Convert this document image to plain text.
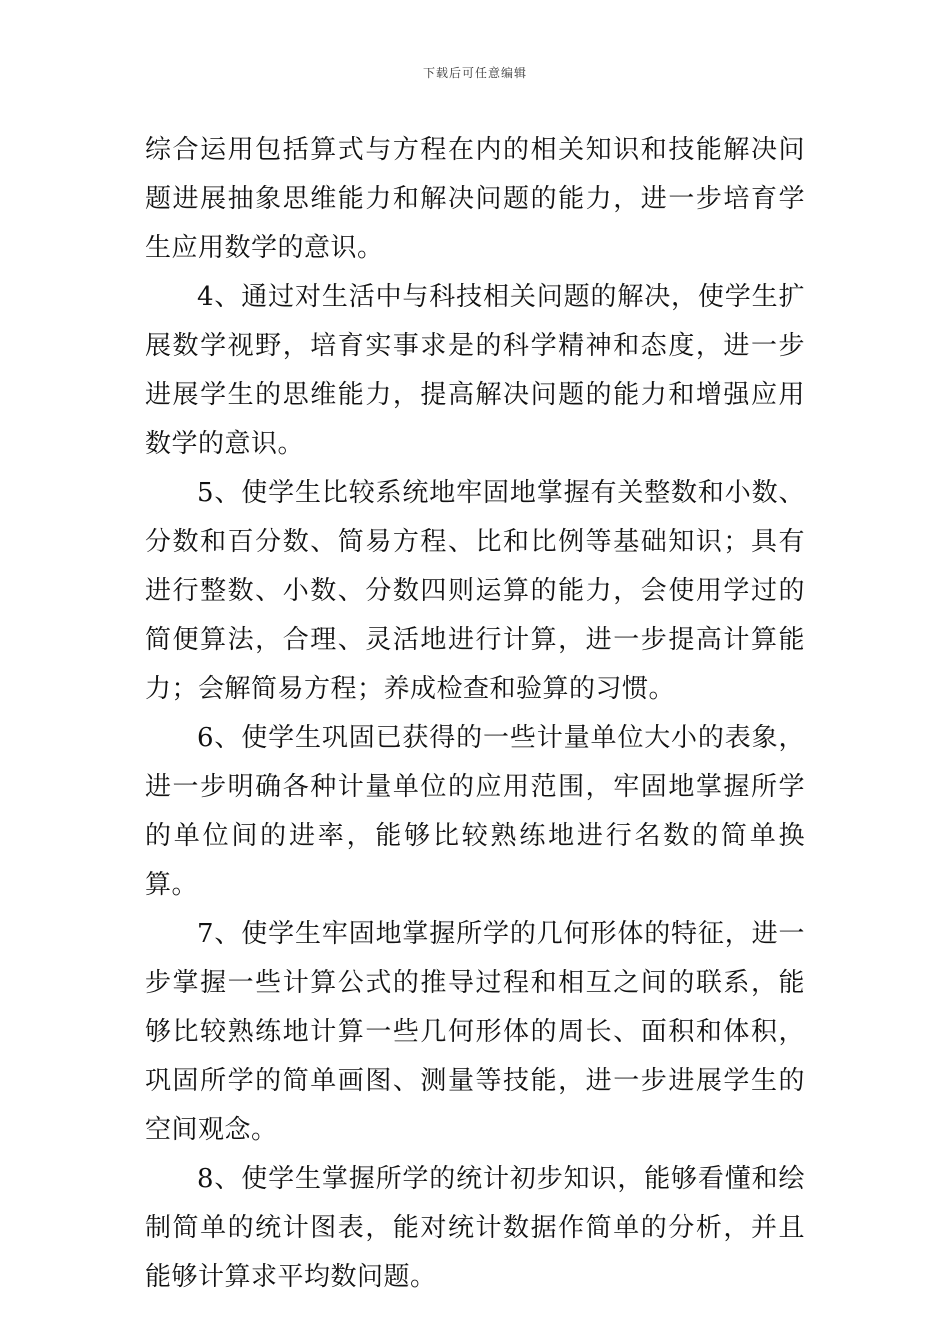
下载后可任意编辑

综合运用包括算式与方程在内的相关知识和技能解决问题进展抽象思维能力和解决问题的能力，进一步培育学生应用数学的意识。

4、通过对生活中与科技相关问题的解决，使学生扩展数学视野，培育实事求是的科学精神和态度，进一步进展学生的思维能力，提高解决问题的能力和增强应用数学的意识。

5、使学生比较系统地牢固地掌握有关整数和小数、分数和百分数、简易方程、比和比例等基础知识；具有进行整数、小数、分数四则运算的能力，会使用学过的简便算法，合理、灵活地进行计算，进一步提高计算能力；会解简易方程；养成检查和验算的习惯。

6、使学生巩固已获得的一些计量单位大小的表象，进一步明确各种计量单位的应用范围，牢固地掌握所学的单位间的进率，能够比较熟练地进行名数的简单换算。

7、使学生牢固地掌握所学的几何形体的特征，进一步掌握一些计算公式的推导过程和相互之间的联系，能够比较熟练地计算一些几何形体的周长、面积和体积，巩固所学的简单画图、测量等技能，进一步进展学生的空间观念。

8、使学生掌握所学的统计初步知识，能够看懂和绘制简单的统计图表，能对统计数据作简单的分析，并且能够计算求平均数问题。
